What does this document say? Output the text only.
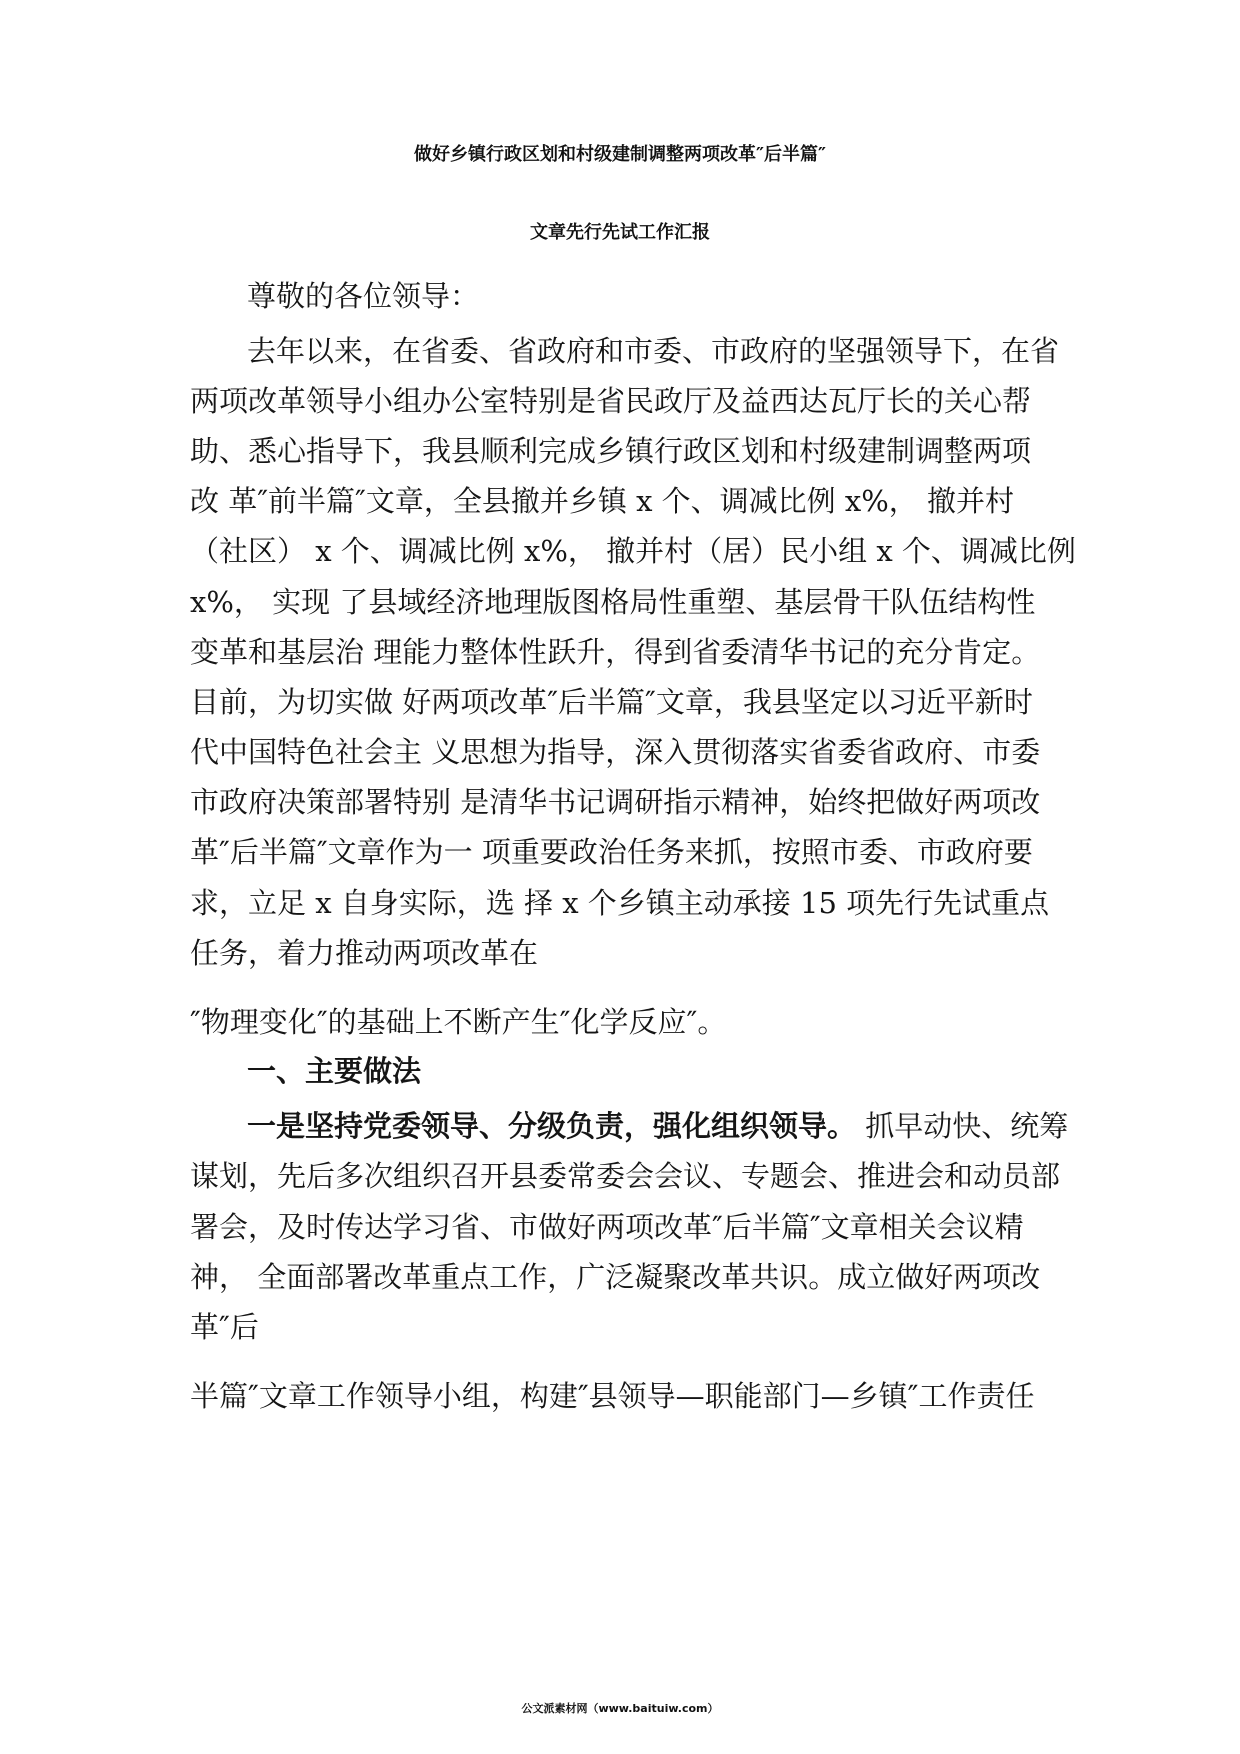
做好乡镇行政区划和村级建制调整两项改革″后半篇″
文章先行先试工作汇报
尊敬的各位领导：
去年以来，在省委、省政府和市委、市政府的坚强领导下，在省
两项改革领导小组办公室特别是省民政厅及益西达瓦厅长的关心帮
助、悉心指导下，我县顺利完成乡镇行政区划和村级建制调整两项
改 革″前半篇″文章，全县撤并乡镇 x 个、调减比例 x%， 撤并村
（社区） x 个、调减比例 x%， 撤并村（居）民小组 x 个、调减比例
x%， 实现 了县域经济地理版图格局性重塑、基层骨干队伍结构性
变革和基层治 理能力整体性跃升，得到省委清华书记的充分肯定。
目前，为切实做 好两项改革″后半篇″文章，我县坚定以习近平新时
代中国特色社会主 义思想为指导，深入贯彻落实省委省政府、市委
市政府决策部署特别 是清华书记调研指示精神，始终把做好两项改
革″后半篇″文章作为一 项重要政治任务来抓，按照市委、市政府要
求，立足 x 自身实际，选 择 x 个乡镇主动承接 15 项先行先试重点
任务，着力推动两项改革在
″物理变化″的基础上不断产生″化学反应″。
一、主要做法
一是坚持党委领导、分级负责，强化组织领导。 抓早动快、统筹
谋划，先后多次组织召开县委常委会会议、专题会、推进会和动员部
署会，及时传达学习省、市做好两项改革″后半篇″文章相关会议精
神， 全面部署改革重点工作，广泛凝聚改革共识。成立做好两项改
革″后
半篇″文章工作领导小组，构建″县领导—职能部门—乡镇″工作责任
公文派素材网（www.baituiw.com）
